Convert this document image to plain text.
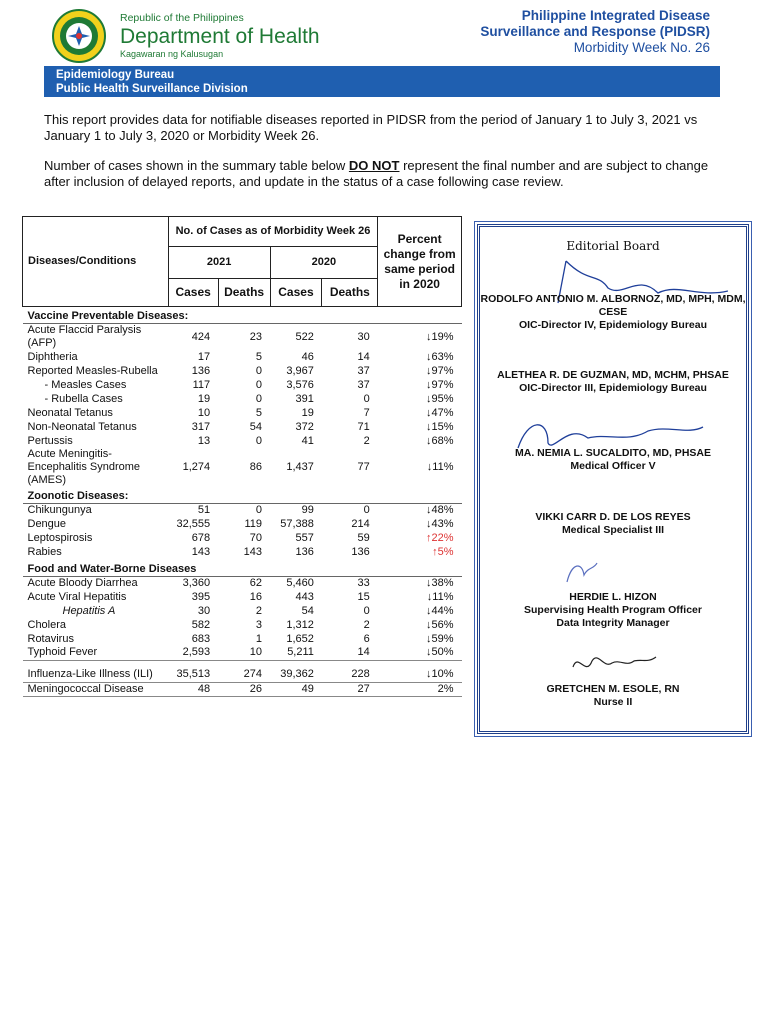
Republic of the Philippines
Department of Health
Kagawaran ng Kalusugan
Philippine Integrated Disease
Surveillance and Response (PIDSR)
Morbidity Week No. 26
Epidemiology Bureau
Public Health Surveillance Division

This report provides data for notifiable diseases reported in PIDSR from the period of January 1 to July 3, 2021 vs January 1 to July 3, 2020 or Morbidity Week 26.

Number of cases shown in the summary table below DO NOT represent the final number and are subject to change after inclusion of delayed reports, and update in the status of a case following case review.

Diseases/Conditions	No. of Cases as of Morbidity Week 26				Percent change from same period in 2020
	2021		2020		
	Cases	Deaths	Cases	Deaths	
Vaccine Preventable Diseases:					
Acute Flaccid Paralysis (AFP)	424	23	522	30	↓19%
Diphtheria	17	5	46	14	↓63%
Reported Measles-Rubella	136	0	3,967	37	↓97%
- Measles Cases	117	0	3,576	37	↓97%
- Rubella Cases	19	0	391	0	↓95%
Neonatal Tetanus	10	5	19	7	↓47%
Non-Neonatal Tetanus	317	54	372	71	↓15%
Pertussis	13	0	41	2	↓68%
Acute Meningitis-Encephalitis Syndrome (AMES)	1,274	86	1,437	77	↓11%
Zoonotic Diseases:					
Chikungunya	51	0	99	0	↓48%
Dengue	32,555	119	57,388	214	↓43%
Leptospirosis	678	70	557	59	↑22%
Rabies	143	143	136	136	↑5%
Food and Water-Borne Diseases					
Acute Bloody Diarrhea	3,360	62	5,460	33	↓38%
Acute Viral Hepatitis	395	16	443	15	↓11%
Hepatitis A	30	2	54	0	↓44%
Cholera	582	3	1,312	2	↓56%
Rotavirus	683	1	1,652	6	↓59%
Typhoid Fever	2,593	10	5,211	14	↓50%

Influenza-Like Illness (ILI)	35,513	274	39,362	228	↓10%
Meningococcal Disease	48	26	49	27	2%
Editorial Board
RODOLFO ANTONIO M. ALBORNOZ, MD, MPH, MDM, CESE
OIC-Director IV, Epidemiology Bureau
ALETHEA R. DE GUZMAN, MD, MCHM, PHSAE
OIC-Director III, Epidemiology Bureau
MA. NEMIA L. SUCALDITO, MD, PHSAE
Medical Officer V
VIKKI CARR D. DE LOS REYES
Medical Specialist III
HERDIE L. HIZON
Supervising Health Program Officer
Data Integrity Manager
GRETCHEN M. ESOLE, RN
Nurse II
